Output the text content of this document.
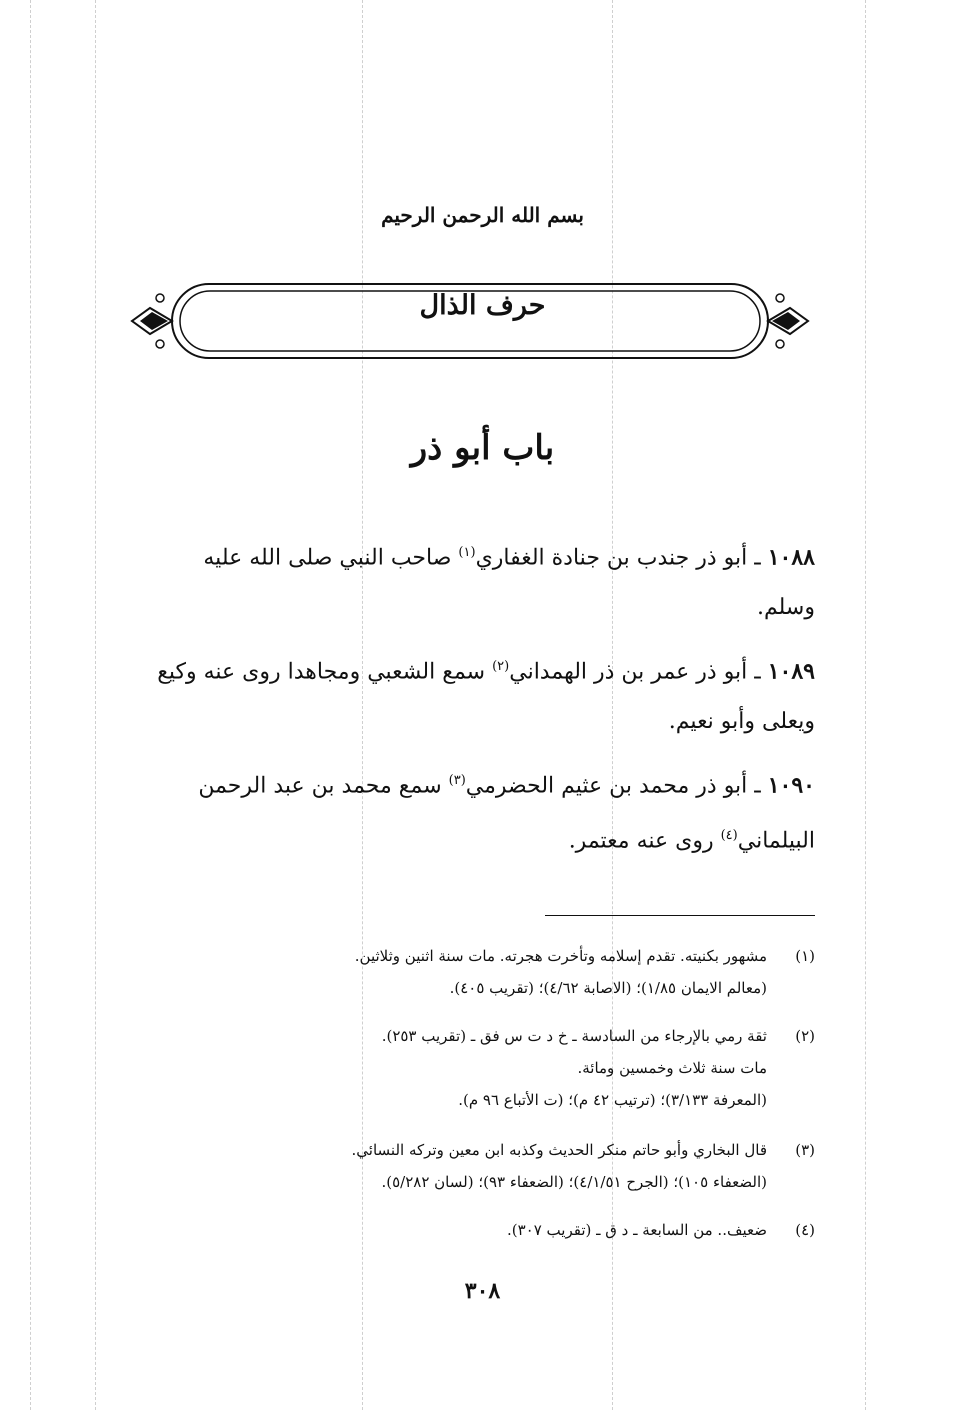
بسم الله الرحمن الرحيم
حرف الذال
باب أبو ذر
١٠٨٨ ـ أبو ذر جندب بن جنادة الغفاري$^{(١)}$ صاحب النبي صلى الله عليه
وسلم.
١٠٨٩ ـ أبو ذر عمر بن ذر الهمداني$^{(٢)}$ سمع الشعبي ومجاهدا روى عنه وكيع
ويعلى وأبو نعيم.
١٠٩٠ ـ أبو ذر محمد بن عثيم الحضرمي$^{(٣)}$ سمع محمد بن عبد الرحمن
البيلماني$^{(٤)}$ روى عنه معتمر.
(١)مشهور بكنيته. تقدم إسلامه وتأخرت هجرته. مات سنة اثنين وثلاثين.
(معالم الايمان ١/٨٥)؛ (الاصابة ٤/٦٢)؛ (تقريب ٤٠٥).
(٢)ثقة رمي بالإرجاء من السادسة ـ خ د ت س فق ـ (تقريب ٢٥٣).
مات سنة ثلاث وخمسين ومائة.
(المعرفة ٣/١٣٣)؛ (ترتيب ٤٢ م)؛ (ت الأتباع ٩٦ م).
(٣)قال البخاري وأبو حاتم منكر الحديث وكذبه ابن معين وتركه النسائي.
(الضعفاء ١٠٥)؛ (الجرح ٤/١/٥١)؛ (الضعفاء ٩٣)؛ (لسان ٥/٢٨٢).
(٤)ضعيف.. من السابعة ـ د ق ـ (تقريب ٣٠٧).
٣٠٨
